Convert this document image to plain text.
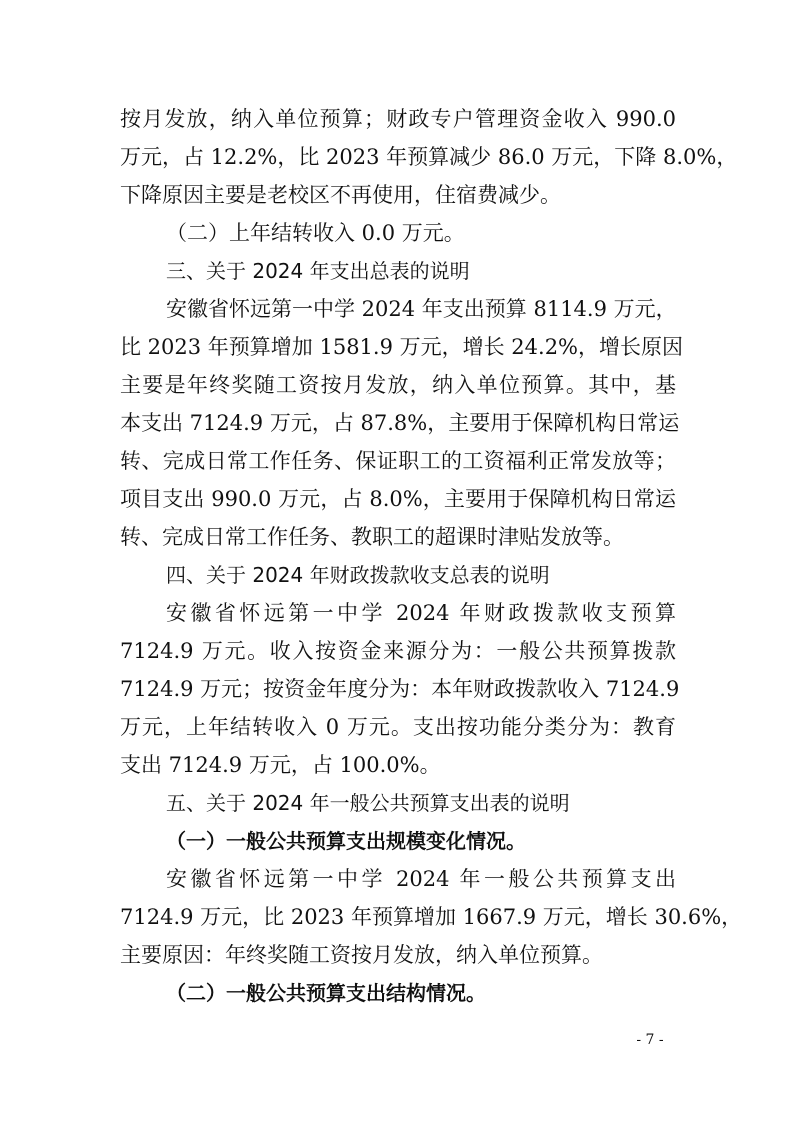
按月发放，纳入单位预算；财政专户管理资金收入 990.0
万元，占 12.2%，比 2023 年预算减少 86.0 万元，下降 8.0%，
下降原因主要是老校区不再使用，住宿费减少。
（二）上年结转收入 0.0 万元。
三、关于 2024 年支出总表的说明
安徽省怀远第一中学 2024 年支出预算 8114.9 万元，
比 2023 年预算增加 1581.9 万元，增长 24.2%，增长原因
主要是年终奖随工资按月发放，纳入单位预算。其中，基
本支出 7124.9 万元，占 87.8%，主要用于保障机构日常运
转、完成日常工作任务、保证职工的工资福利正常发放等；
项目支出 990.0 万元，占 8.0%，主要用于保障机构日常运
转、完成日常工作任务、教职工的超课时津贴发放等。
四、关于 2024 年财政拨款收支总表的说明
安徽省怀远第一中学 2024 年财政拨款收支预算
7124.9 万元。收入按资金来源分为：一般公共预算拨款
7124.9 万元；按资金年度分为：本年财政拨款收入 7124.9
万元，上年结转收入 0 万元。支出按功能分类分为：教育
支出 7124.9 万元，占 100.0%。
五、关于 2024 年一般公共预算支出表的说明
（一）一般公共预算支出规模变化情况。
安徽省怀远第一中学 2024 年一般公共预算支出
7124.9 万元，比 2023 年预算增加 1667.9 万元，增长 30.6%，
主要原因：年终奖随工资按月发放，纳入单位预算。
（二）一般公共预算支出结构情况。
- 7 -
